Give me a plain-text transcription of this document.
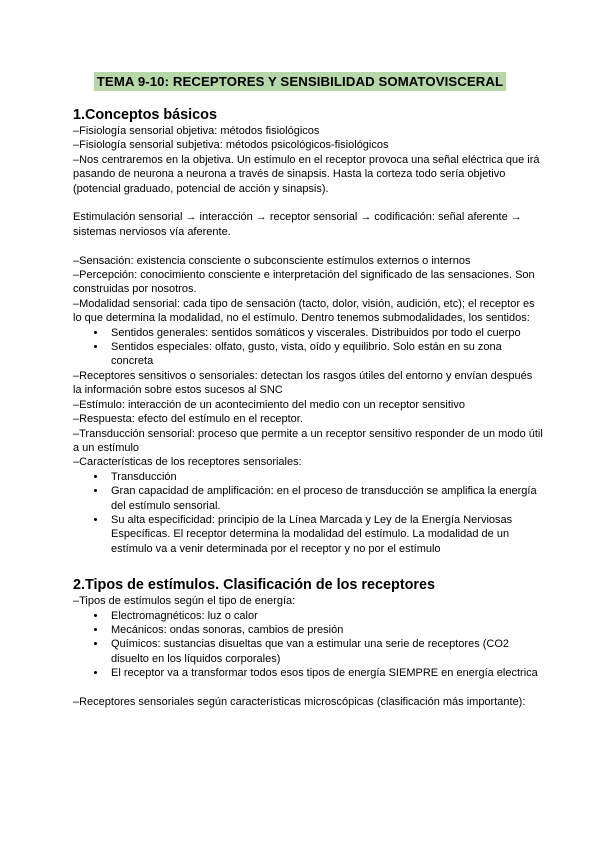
TEMA 9-10: RECEPTORES Y SENSIBILIDAD SOMATOVISCERAL

1.Conceptos básicos

–Fisiología sensorial objetiva: métodos fisiológicos

–Fisiología sensorial subjetiva: métodos psicológicos-fisiológicos

–Nos centraremos en la objetiva. Un estímulo en el receptor provoca una señal eléctrica que irá pasando de neurona a neurona a través de sinapsis. Hasta la corteza todo sería objetivo (potencial graduado, potencial de acción y sinapsis).

Estimulación sensorial → interacción → receptor sensorial → codificación: señal aferente → sistemas nerviosos vía aferente.

–Sensación: existencia consciente o subconsciente estímulos externos o internos

–Percepción: conocimiento consciente e interpretación del significado de las sensaciones. Son construidas por nosotros.

–Modalidad sensorial: cada tipo de sensación (tacto, dolor, visión, audición, etc); el receptor es lo que determina la modalidad, no el estímulo. Dentro tenemos submodalidades, los sentidos:

• Sentidos generales: sentidos somáticos y viscerales. Distribuidos por todo el cuerpo
• Sentidos especiales: olfato, gusto, vista, oído y equilibrio. Solo están en su zona concreta

–Receptores sensitivos o sensoriales: detectan los rasgos útiles del entorno y envían después la información sobre estos sucesos al SNC

–Estímulo: interacción de un acontecimiento del medio con un receptor sensitivo

–Respuesta: efecto del estímulo en el receptor.

–Transducción sensorial: proceso que permite a un receptor sensitivo responder de un modo útil a un estímulo

–Características de los receptores sensoriales:

• Transducción
• Gran capacidad de amplificación: en el proceso de transducción se amplifica la energía del estímulo sensorial.
• Su alta especificidad: principio de la Línea Marcada y Ley de la Energía Nerviosas Específicas. El receptor determina la modalidad del estímulo. La modalidad de un estímulo va a venir determinada por el receptor y no por el estímulo

2.Tipos de estímulos. Clasificación de los receptores

–Tipos de estímulos según el tipo de energía:

• Electromagnéticos: luz o calor
• Mecánicos: ondas sonoras, cambios de presión
• Químicos: sustancias disueltas que van a estimular una serie de receptores (CO2 disuelto en los líquidos corporales)
• El receptor va a transformar todos esos tipos de energía SIEMPRE en energía electrica

–Receptores sensoriales según características microscópicas (clasificación más importante):
